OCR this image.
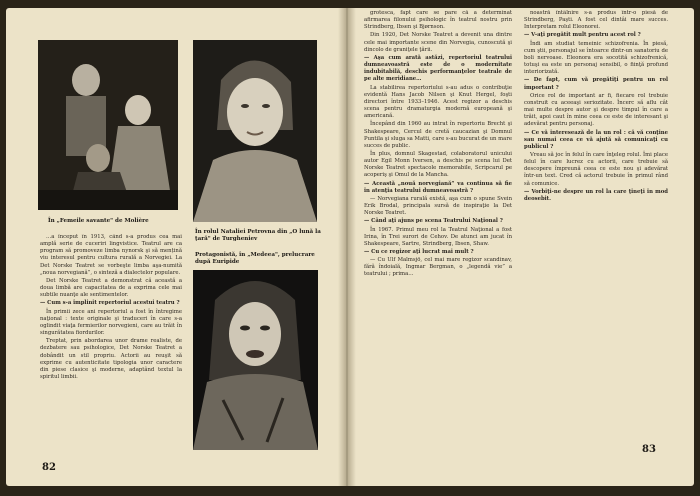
În „Femeile savante" de Molière
În rolul Nataliei Petrovna din „O lună la ţară" de Turgheniev
Protagonistă, în „Medeea", prelucrare după Euripide

…a început în 1913, când s-a produs cea mai amplă serie de cuceriri lingvistice. Teatrul are ca program să promoveze limba nynorsk şi să mențină viu interesul pentru cultura rurală a Norvegiei. La Det Norske Teatret se vorbeşte limba aşa-numită „noua norvegiană”, o sinteză a dialectelor populare.

Det Norske Teatret a demonstrat că această a doua limbă are capacitatea de a exprima cele mai subtile nuanţe ale sentimentelor.

— Cum s-a împlinit repertoriul acestui teatru ?

În primii zece ani repertoriul a fost în întregime naţional : texte originale şi traduceri în care s-a oglindit viaţa fermierilor norvegieni, care au trăit în singurătatea fiordurilor.

Treptat, prin abordarea unor drame realiste, de dezbatere sau psihologice, Det Norske Teatret a dobândit un stil propriu. Actorii au reuşit să exprime cu autenticitate tipologia unor caractere din piese clasice şi moderne, adaptând textul la spiritul limbii.

82

grotesca, fapt care se pare că a determinat afirmarea filonului psihologic în teatrul nostru prin Strindberg, Ibsen şi Bjørnson.

Din 1920, Det Norske Teatret a devenit una dintre cele mai importante scene din Norvegia, cunoscută şi dincolo de graniţele ţării.

— Aşa cum arată astăzi, repertoriul teatrului dumneavoastră este de o modernitate indubitabilă, deschis performanţelor teatrale de pe alte meridiane…

La stabilirea repertoriului s-au adus o contribuţie evidentă Hans Jacob Nilsen şi Knut Hergel, foşti directori între 1933–1946. Acest regizor a deschis scena pentru dramaturgia modernă europeană şi americană.

Începând din 1960 au intrat în repertoriu Brecht şi Shakespeare, Cercul de cretă caucazian şi Domnul Puntila şi sluga sa Matti, care s-au bucurat de un mare succes de public.

În plus, domnul Skagestad, colaboratorul unicului autor Egil Monn Iversen, a deschis pe scena lui Det Norske Teatret spectacole memorabile, Scripcarul pe acoperiş şi Omul de la Mancha.

— Această „nouă norvegiană” va continua să fie în atenţia teatrului dumneavoastră ?

— Norvegiana rurală există, aşa cum o spune Svein Erik Brodal, principala sursă de inspiraţie la Det Norske Teatret.

— Când aţi ajuns pe scena Teatrului Naţional ?

În 1967. Primul meu rol la Teatrul Naţional a fost Irina, în Trei surori de Cehov. De atunci am jucat în Shakespeare, Sartre, Strindberg, Ibsen, Shaw.

— Cu ce regizor aţi lucrat mai mult ?

— Cu Ulf Malmsjö, cel mai mare regizor scandinav, fără îndoială, Ingmar Bergman, o „legendă vie” a teatrului ; prima…

noastră întâlnire s-a produs într-o piesă de Strindberg, Paşti. A fost cel dintâi mare succes. Interpretam rolul Eleonorei.

— V-aţi pregătit mult pentru acest rol ?

Îndi am studiat temeinic schizofrenia. În piesă, cum ştii, personajul se întoarce dintr-un sanatoriu de boli nervoase. Eleonora era socotită schizofrenică, totuşi ea este un personaj sensibil, o fiinţă profund interiorizată.

— De fapt, cum vă pregătiţi pentru un rol important ?

Orice rol de important ar fi, fiecare rol trebuie construit cu aceeaşi seriozitate. Încerc să aflu cât mai multe despre autor şi despre timpul în care a trăit, apoi caut în mine ceea ce este de interesant şi adevărat pentru personaj.

— Ce vă interesează de la un rol : că vă conţine sau numai ceea ce vă ajută să comunicaţi cu publicul ?

Vreau să joc în felul în care înţeleg rolul. Îmi place felul în care lucrez cu actorii, care trebuie să descopere împreună ceea ce este nou şi adevărat într-un text. Cred că actorul trebuie în primul rând să comunice.

— Vorbiţi-ne despre un rol la care ţineţi în mod deosebit.

83
